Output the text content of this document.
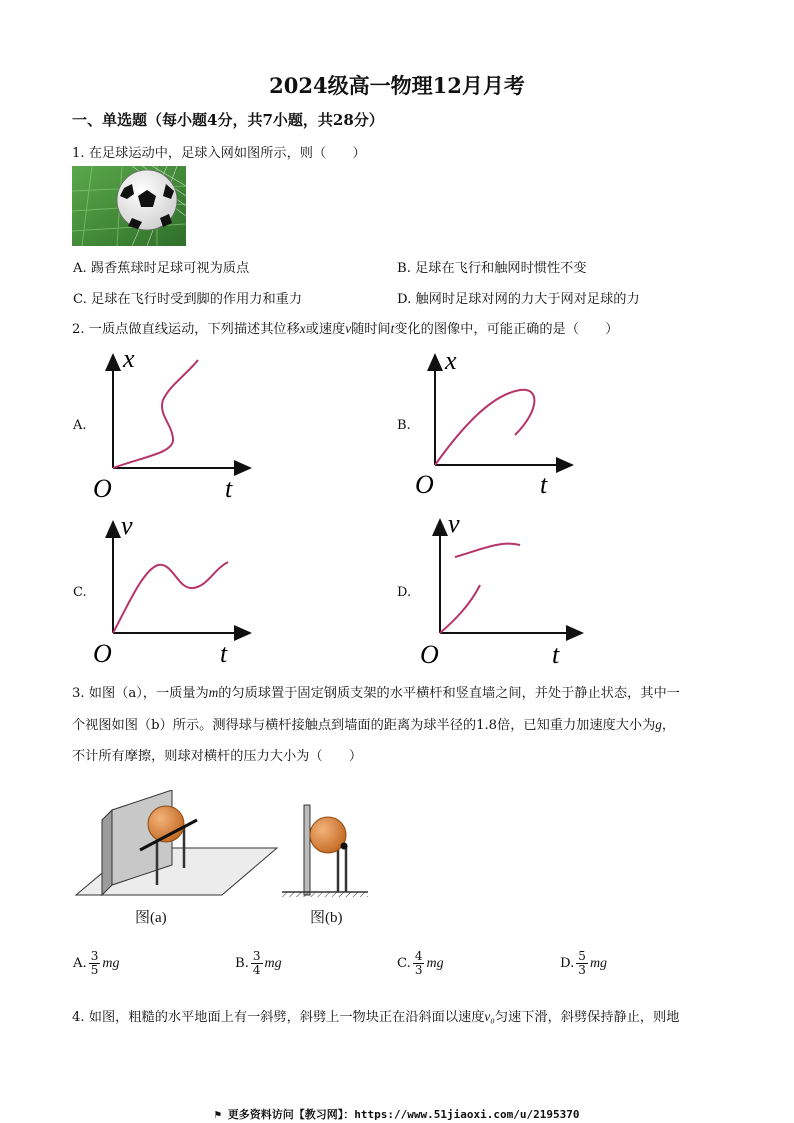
2024级高一物理12月月考
一、单选题（每小题4分，共7小题，共28分）
1. 在足球运动中，足球入网如图所示，则（　　）
A. 踢香蕉球时足球可视为质点	B. 足球在飞行和触网时惯性不变
C. 足球在飞行时受到脚的作用力和重力	D. 触网时足球对网的力大于网对足球的力
2. 一质点做直线运动，下列描述其位移x或速度v随时间t变化的图像中，可能正确的是（　　）
A.
x
O	t
B.
x
O	t
C.
v
O	t
D.
v
O	t
3. 如图（a），一质量为m的匀质球置于固定钢质支架的水平横杆和竖直墙之间，并处于静止状态，其中一
个视图如图（b）所示。测得球与横杆接触点到墙面的距离为球半径的1.8倍，已知重力加速度大小为g，
不计所有摩擦，则球对横杆的压力大小为（　　）
图(a)	图(b)
A. $\frac{3}{5}$ mg	B. $\frac{3}{4}$ mg	C. $\frac{4}{3}$ mg	D. $\frac{5}{3}$ mg
4. 如图，粗糙的水平地面上有一斜劈，斜劈上一物块正在沿斜面以速度v₀匀速下滑，斜劈保持静止，则地
⚑ 更多资料访问【教习网】：https://www.51jiaoxi.com/u/2195370
